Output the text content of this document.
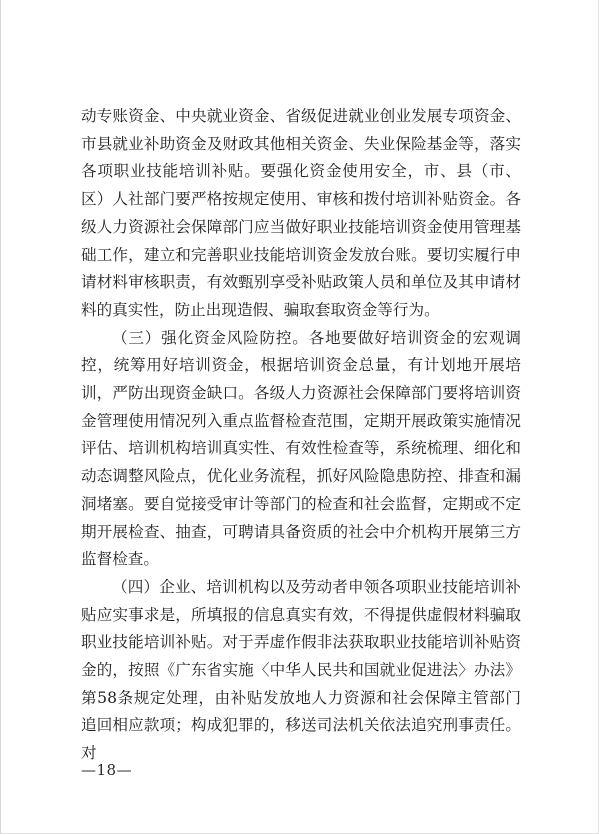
动专账资金、中央就业资金、省级促进就业创业发展专项资金、市县就业补助资金及财政其他相关资金、失业保险基金等，落实各项职业技能培训补贴。要强化资金使用安全，市、县（市、区）人社部门要严格按规定使用、审核和拨付培训补贴资金。各级人力资源社会保障部门应当做好职业技能培训资金使用管理基础工作，建立和完善职业技能培训资金发放台账。要切实履行申请材料审核职责，有效甄别享受补贴政策人员和单位及其申请材料的真实性，防止出现造假、骗取套取资金等行为。

（三）强化资金风险防控。各地要做好培训资金的宏观调控，统筹用好培训资金，根据培训资金总量，有计划地开展培训，严防出现资金缺口。各级人力资源社会保障部门要将培训资金管理使用情况列入重点监督检查范围，定期开展政策实施情况评估、培训机构培训真实性、有效性检查等，系统梳理、细化和动态调整风险点，优化业务流程，抓好风险隐患防控、排查和漏洞堵塞。要自觉接受审计等部门的检查和社会监督，定期或不定期开展检查、抽查，可聘请具备资质的社会中介机构开展第三方监督检查。

（四）企业、培训机构以及劳动者申领各项职业技能培训补贴应实事求是，所填报的信息真实有效，不得提供虚假材料骗取职业技能培训补贴。对于弄虚作假非法获取职业技能培训补贴资金的，按照《广东省实施〈中华人民共和国就业促进法〉办法》第58条规定处理，由补贴发放地人力资源和社会保障主管部门追回相应款项；构成犯罪的，移送司法机关依法追究刑事责任。对

—18—
